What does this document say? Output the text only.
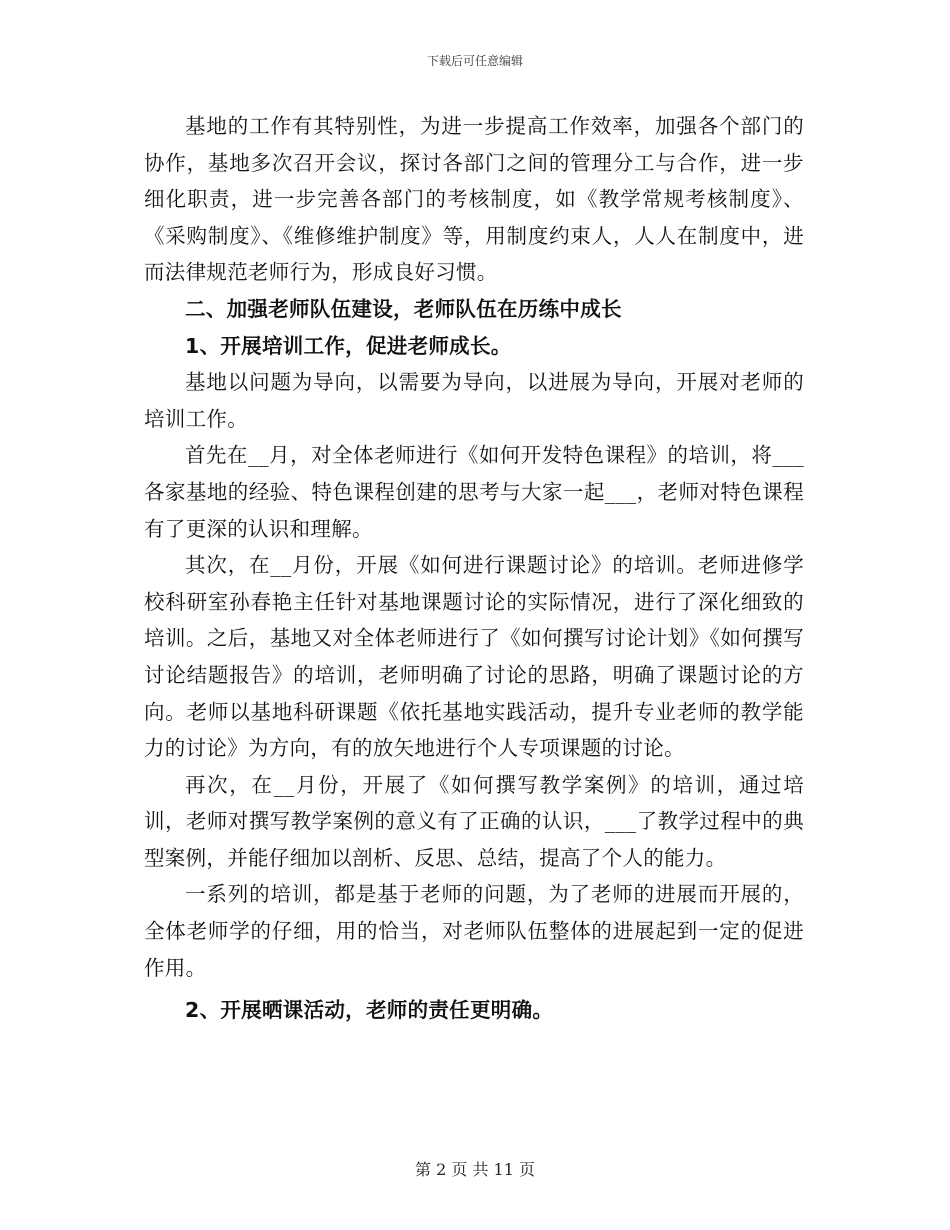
下载后可任意编辑

基地的工作有其特别性，为进一步提高工作效率，加强各个部门的协作，基地多次召开会议，探讨各部门之间的管理分工与合作，进一步细化职责，进一步完善各部门的考核制度，如《教学常规考核制度》、《采购制度》、《维修维护制度》等，用制度约束人，人人在制度中，进而法律规范老师行为，形成良好习惯。

二、加强老师队伍建设，老师队伍在历练中成长

1、开展培训工作，促进老师成长。

基地以问题为导向，以需要为导向，以进展为导向，开展对老师的培训工作。

首先在__月，对全体老师进行《如何开发特色课程》的培训，将___各家基地的经验、特色课程创建的思考与大家一起___，老师对特色课程有了更深的认识和理解。

其次，在__月份，开展《如何进行课题讨论》的培训。老师进修学校科研室孙春艳主任针对基地课题讨论的实际情况，进行了深化细致的培训。之后，基地又对全体老师进行了《如何撰写讨论计划》《如何撰写讨论结题报告》的培训，老师明确了讨论的思路，明确了课题讨论的方向。老师以基地科研课题《依托基地实践活动，提升专业老师的教学能力的讨论》为方向，有的放矢地进行个人专项课题的讨论。

再次，在__月份，开展了《如何撰写教学案例》的培训，通过培训，老师对撰写教学案例的意义有了正确的认识，___了教学过程中的典型案例，并能仔细加以剖析、反思、总结，提高了个人的能力。

一系列的培训，都是基于老师的问题，为了老师的进展而开展的，全体老师学的仔细，用的恰当，对老师队伍整体的进展起到一定的促进作用。

2、开展晒课活动，老师的责任更明确。

第 2 页 共 11 页
